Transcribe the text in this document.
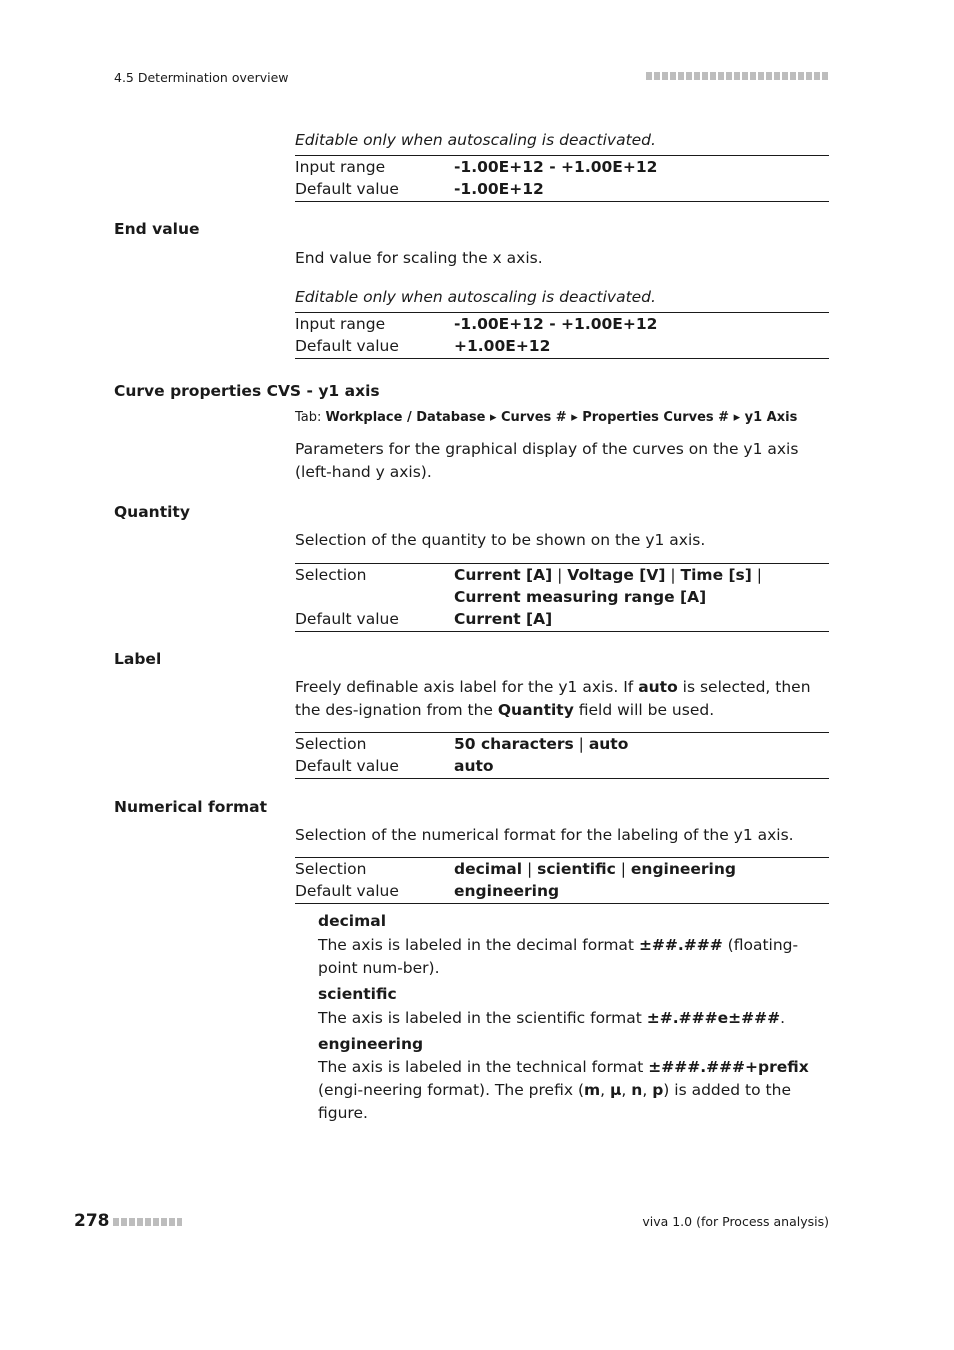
4.5 Determination overview
Editable only when autoscaling is deactivated.
Input range	-1.00E+12 - +1.00E+12
Default value	-1.00E+12
End value
End value for scaling the x axis.
Editable only when autoscaling is deactivated.
Input range	-1.00E+12 - +1.00E+12
Default value	+1.00E+12
Curve properties CVS - y1 axis
Tab: Workplace / Database ▸ Curves # ▸ Properties Curves # ▸ y1 Axis
Parameters for the graphical display of the curves on the y1 axis (left-hand y axis).
Quantity
Selection of the quantity to be shown on the y1 axis.
Selection	Current [A] | Voltage [V] | Time [s] | Current measuring range [A]
Default value	Current [A]
Label
Freely definable axis label for the y1 axis. If auto is selected, then the des-ignation from the Quantity field will be used.
Selection	50 characters | auto
Default value	auto
Numerical format
Selection of the numerical format for the labeling of the y1 axis.
Selection	decimal | scientific | engineering
Default value	engineering
decimal
The axis is labeled in the decimal format ±##.### (floating-point num-ber).
scientific
The axis is labeled in the scientific format ±#.###e±###.
engineering
The axis is labeled in the technical format ±###.###+prefix (engi-neering format). The prefix (m, µ, n, p) is added to the figure.
278	viva 1.0 (for Process analysis)
